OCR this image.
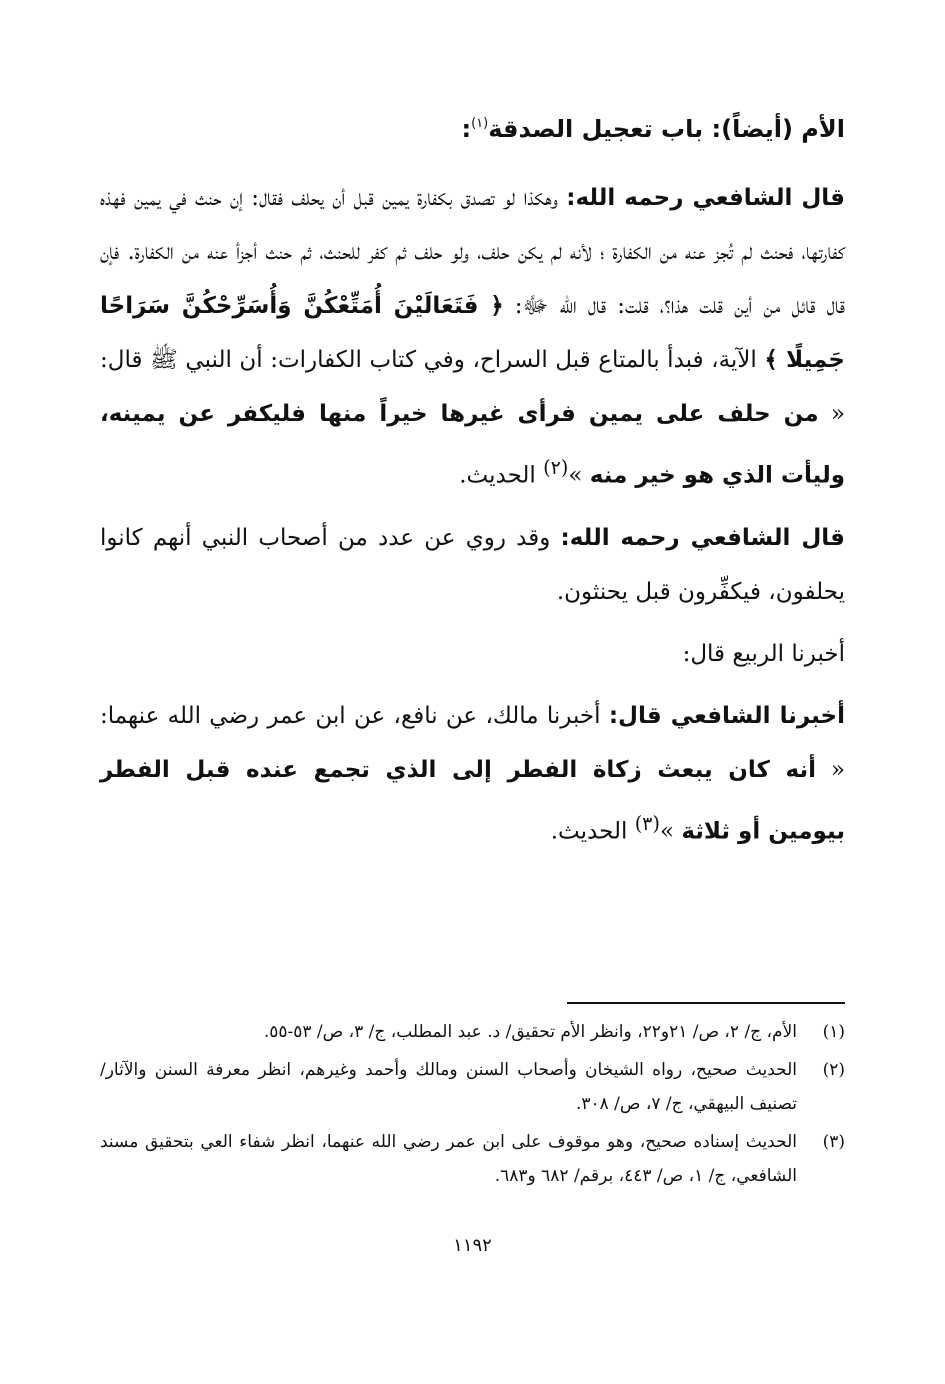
الأم (أيضاً): باب تعجيل الصدقة$^{(١)}$:

قال الشافعي رحمه الله: وهكذا لو تصدق بكفارة يمين قبل أن يحلف فقال: إن حنث في يمين فهذه كفارتها، فحنث لم تُجز عنه من الكفارة ؛ لأنه لم يكن حلف، ولو حلف ثم كفر للحنث، ثم حنث أجزأ عنه من الكفارة. فإن قال قائل من أين قلت هذا؟، قلت: قال الله ﷻ: ﴿ فَتَعَالَيْنَ أُمَتِّعْكُنَّ وَأُسَرِّحْكُنَّ سَرَاحًا جَمِيلًا ﴾ الآية، فبدأ بالمتاع قبل السراح، وفي كتاب الكفارات: أن النبي ﷺ قال: « من حلف على يمين فرأى غيرها خيراً منها فليكفر عن يمينه، وليأت الذي هو خير منه »$^{(٢)}$ الحديث.

قال الشافعي رحمه الله: وقد روي عن عدد من أصحاب النبي أنهم كانوا يحلفون، فيكفِّرون قبل يحنثون.

أخبرنا الربيع قال:

أخبرنا الشافعي قال: أخبرنا مالك، عن نافع، عن ابن عمر رضي الله عنهما: « أنه كان يبعث زكاة الفطر إلى الذي تجمع عنده قبل الفطر بيومين أو ثلاثة »$^{(٣)}$ الحديث.

(١)
الأم، ج/ ٢، ص/ ٢١و٢٢، وانظر الأم تحقيق/ د. عبد المطلب، ج/ ٣، ص/ ٥٣-٥٥.
(٢)
الحديث صحيح، رواه الشيخان وأصحاب السنن ومالك وأحمد وغيرهم، انظر معرفة السنن والآثار/ تصنيف البيهقي، ج/ ٧، ص/ ٣٠٨.
(٣)
الحديث إسناده صحيح، وهو موقوف على ابن عمر رضي الله عنهما، انظر شفاء العي بتحقيق مسند الشافعي، ج/ ١، ص/ ٤٤٣، برقم/ ٦٨٢ و٦٨٣.
١١٩٢
